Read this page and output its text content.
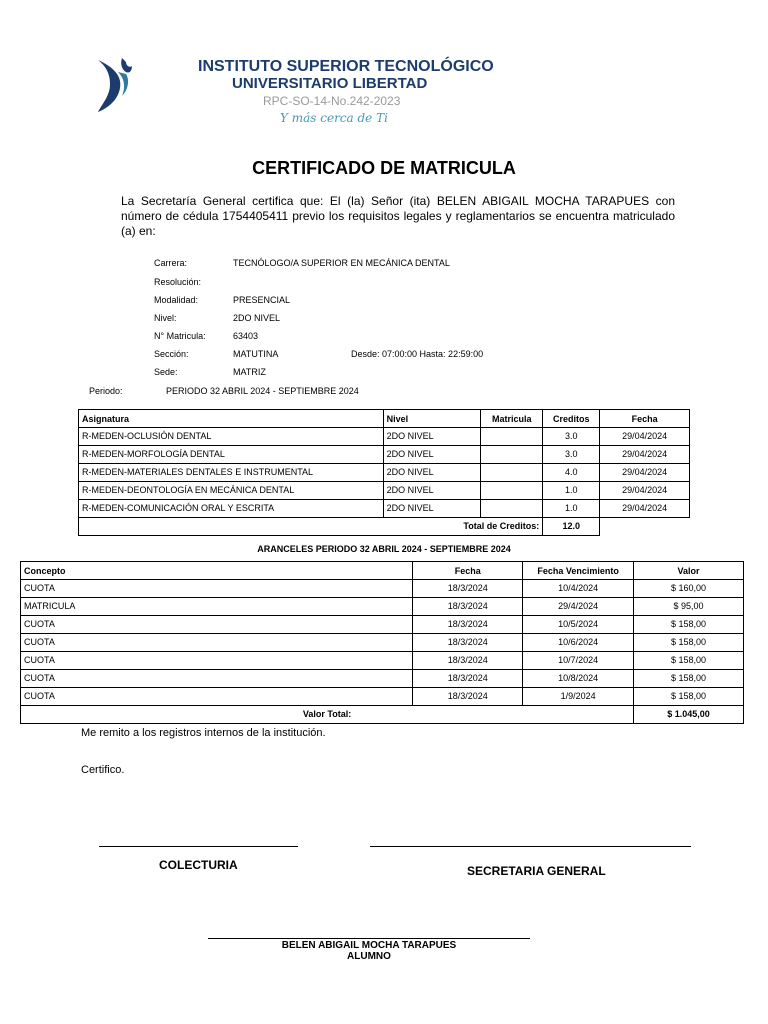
INSTITUTO SUPERIOR TECNOLÓGICO
UNIVERSITARIO LIBERTAD
RPC-SO-14-No.242-2023
Y más cerca de Ti
CERTIFICADO DE MATRICULA
La Secretaría General certifica que: El (la) Señor (ita) BELEN ABIGAIL MOCHA TARAPUES con número de cédula 1754405411 previo los requisitos legales y reglamentarios se encuentra matriculado (a) en:
Carrera:	TECNÓLOGO/A SUPERIOR EN MECÁNICA DENTAL
Resolución:
Modalidad:	PRESENCIAL
Nivel:	2DO NIVEL
N° Matricula:	63403
Sección:	MATUTINA	Desde: 07:00:00 Hasta: 22:59:00
Sede:	MATRIZ
Periodo:	PERIODO 32 ABRIL 2024 - SEPTIEMBRE 2024
Asignatura	Nivel	Matricula	Creditos	Fecha
R-MEDEN-OCLUSIÓN DENTAL	2DO NIVEL		3.0	29/04/2024
R-MEDEN-MORFOLOGÍA DENTAL	2DO NIVEL		3.0	29/04/2024
R-MEDEN-MATERIALES DENTALES E INSTRUMENTAL	2DO NIVEL		4.0	29/04/2024
R-MEDEN-DEONTOLOGÍA EN MECÁNICA DENTAL	2DO NIVEL		1.0	29/04/2024
R-MEDEN-COMUNICACIÓN ORAL Y ESCRITA	2DO NIVEL		1.0	29/04/2024
Total de Creditos:			12.0	
ARANCELES PERIODO 32 ABRIL 2024 - SEPTIEMBRE 2024
Concepto	Fecha	Fecha Vencimiento	Valor
CUOTA	18/3/2024	10/4/2024	$ 160,00
MATRICULA	18/3/2024	29/4/2024	$ 95,00
CUOTA	18/3/2024	10/5/2024	$ 158,00
CUOTA	18/3/2024	10/6/2024	$ 158,00
CUOTA	18/3/2024	10/7/2024	$ 158,00
CUOTA	18/3/2024	10/8/2024	$ 158,00
CUOTA	18/3/2024	1/9/2024	$ 158,00
Valor Total:			$ 1.045,00
Me remito a los registros internos de la institución.
Certifico.
COLECTURIA	SECRETARIA GENERAL
BELEN ABIGAIL MOCHA TARAPUES
ALUMNO
